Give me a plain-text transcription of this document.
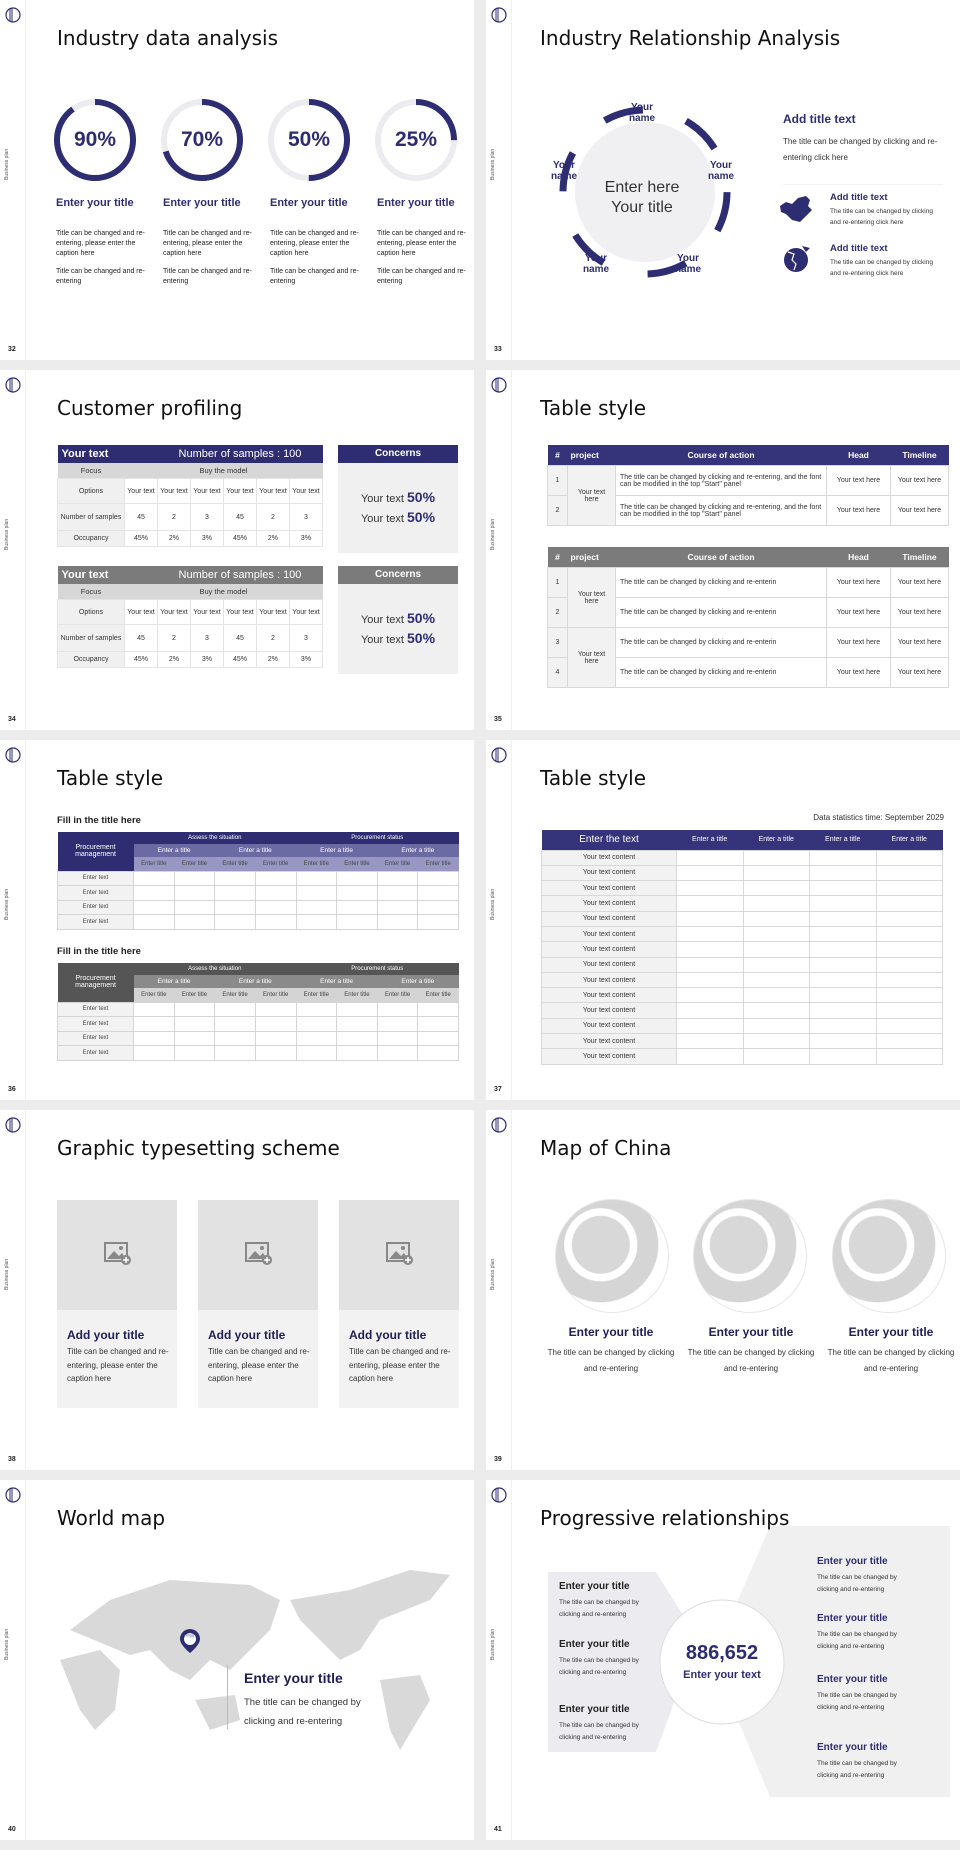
Business plan
32
Industry data analysis
90%	70%	50%	25%
Enter your title	Enter your title	Enter your title	Enter your title
Title can be changed and re-entering, please enter the caption here
Title can be changed and re-entering, please enter the caption here
Title can be changed and re-entering, please enter the caption here
Title can be changed and re-entering, please enter the caption here
Title can be changed and re-entering
Title can be changed and re-entering
Title can be changed and re-entering
Title can be changed and re-entering
Business plan
33
Industry Relationship Analysis
Enter here
Your title
Your name
Your name
Your name
Your name
Your name
Add title text
The title can be changed by clicking and re-entering click here
Add title text
The title can be changed by clicking and re-entering click here
Add title text
The title can be changed by clicking and re-entering click here
Business plan
34
Customer profiling
Your text		Number of samples : 100				
Focus	Buy the model					
Options	Your text	Your text	Your text	Your text	Your text	Your text
Number of samples	45	2	3	45	2	3
Occupancy	45%	2%	3%	45%	2%	3%
Your text		Number of samples : 100				
Focus	Buy the model					
Options	Your text	Your text	Your text	Your text	Your text	Your text
Number of samples	45	2	3	45	2	3
Occupancy	45%	2%	3%	45%	2%	3%
Concerns
Your text 50%
Your text 50%
Concerns
Your text 50%
Your text 50%
Business plan
35
Table style
#	project	Course of action	Head	Timeline
1	Your text here	The title can be changed by clicking and re-entering, and the font can be modified in the top "Start" panel	Your text here	Your text here
2		The title can be changed by clicking and re-entering, and the font can be modified in the top "Start" panel	Your text here	Your text here
#	project	Course of action	Head	Timeline
1	Your text here	The title can be changed by clicking and re-enterin	Your text here	Your text here
2		The title can be changed by clicking and re-enterin	Your text here	Your text here
3	Your text here	The title can be changed by clicking and re-enterin	Your text here	Your text here
4		The title can be changed by clicking and re-enterin	Your text here	Your text here
Business plan
36
Table style
Fill in the title here
Procurement management	Assess the situation				Procurement status			
	Enter a title		Enter a title		Enter a title		Enter a title	
	Enter title	Enter title	Enter title	Enter title	Enter title	Enter title	Enter title	Enter title
Enter text								
Enter text								
Enter text								
Enter text								
Fill in the title here
Procurement management	Assess the situation				Procurement status			
	Enter a title		Enter a title		Enter a title		Enter a title	
	Enter title	Enter title	Enter title	Enter title	Enter title	Enter title	Enter title	Enter title
Enter text								
Enter text								
Enter text								
Enter text								
Business plan
37
Table style
Data statistics time: September 2029
Enter the text	Enter a title	Enter a title	Enter a title	Enter a title
Your text content				
Your text content				
Your text content				
Your text content				
Your text content				
Your text content				
Your text content				
Your text content				
Your text content				
Your text content				
Your text content				
Your text content				
Your text content				
Your text content				
Business plan
38
Graphic typesetting scheme
Add your title
Title can be changed and re-entering, please enter the caption here
Add your title
Title can be changed and re-entering, please enter the caption here
Add your title
Title can be changed and re-entering, please enter the caption here
Business plan
39
Map of China
Enter your title	Enter your title	Enter your title
The title can be changed by clicking and re-entering
The title can be changed by clicking and re-entering
The title can be changed by clicking and re-entering
Business plan
40
World map
中国
Enter your title
The title can be changed by clicking and re-entering
Business plan
41
Progressive relationships
886,652
Enter your text
Enter your title
The title can be changed by clicking and re-entering
Enter your title
The title can be changed by clicking and re-entering
Enter your title
The title can be changed by clicking and re-entering
Enter your title
The title can be changed by clicking and re-entering
Enter your title
The title can be changed by clicking and re-entering
Enter your title
The title can be changed by clicking and re-entering
Enter your title
The title can be changed by clicking and re-entering
